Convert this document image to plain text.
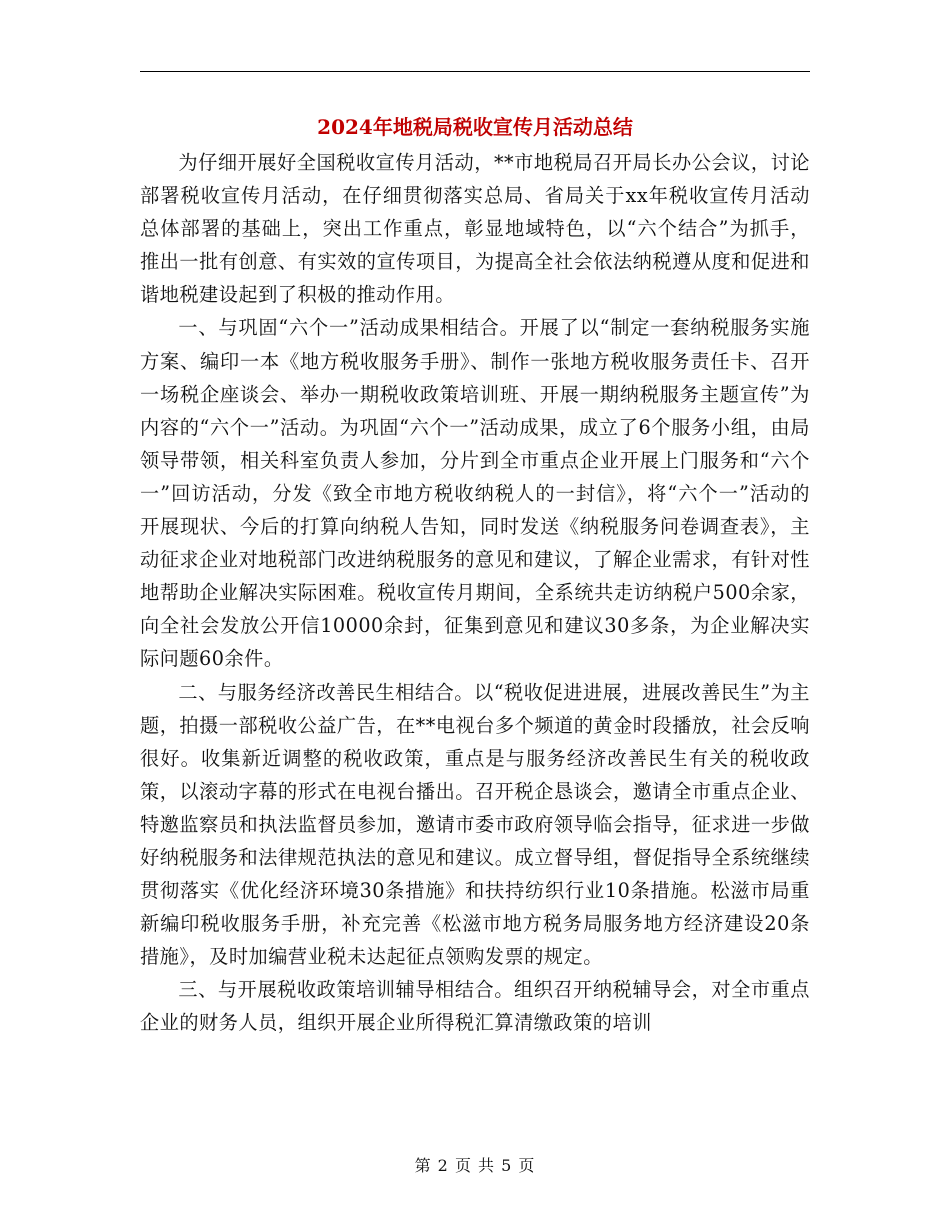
2024年地税局税收宣传月活动总结

为仔细开展好全国税收宣传月活动，**市地税局召开局长办公会议，讨论部署税收宣传月活动，在仔细贯彻落实总局、省局关于xx年税收宣传月活动总体部署的基础上，突出工作重点，彰显地域特色，以“六个结合”为抓手，推出一批有创意、有实效的宣传项目，为提高全社会依法纳税遵从度和促进和谐地税建设起到了积极的推动作用。

一、与巩固“六个一”活动成果相结合。开展了以“制定一套纳税服务实施方案、编印一本《地方税收服务手册》、制作一张地方税收服务责任卡、召开一场税企座谈会、举办一期税收政策培训班、开展一期纳税服务主题宣传”为内容的“六个一”活动。为巩固“六个一”活动成果，成立了6个服务小组，由局领导带领，相关科室负责人参加，分片到全市重点企业开展上门服务和“六个一”回访活动，分发《致全市地方税收纳税人的一封信》，将“六个一”活动的开展现状、今后的打算向纳税人告知，同时发送《纳税服务问卷调查表》，主动征求企业对地税部门改进纳税服务的意见和建议，了解企业需求，有针对性地帮助企业解决实际困难。税收宣传月期间，全系统共走访纳税户500余家，向全社会发放公开信10000余封，征集到意见和建议30多条，为企业解决实际问题60余件。

二、与服务经济改善民生相结合。以“税收促进进展，进展改善民生”为主题，拍摄一部税收公益广告，在**电视台多个频道的黄金时段播放，社会反响很好。收集新近调整的税收政策，重点是与服务经济改善民生有关的税收政策，以滚动字幕的形式在电视台播出。召开税企恳谈会，邀请全市重点企业、特邀监察员和执法监督员参加，邀请市委市政府领导临会指导，征求进一步做好纳税服务和法律规范执法的意见和建议。成立督导组，督促指导全系统继续贯彻落实《优化经济环境30条措施》和扶持纺织行业10条措施。松滋市局重新编印税收服务手册，补充完善《松滋市地方税务局服务地方经济建设20条措施》，及时加编营业税未达起征点领购发票的规定。

三、与开展税收政策培训辅导相结合。组织召开纳税辅导会，对全市重点企业的财务人员，组织开展企业所得税汇算清缴政策的培训

第 2 页 共 5 页
